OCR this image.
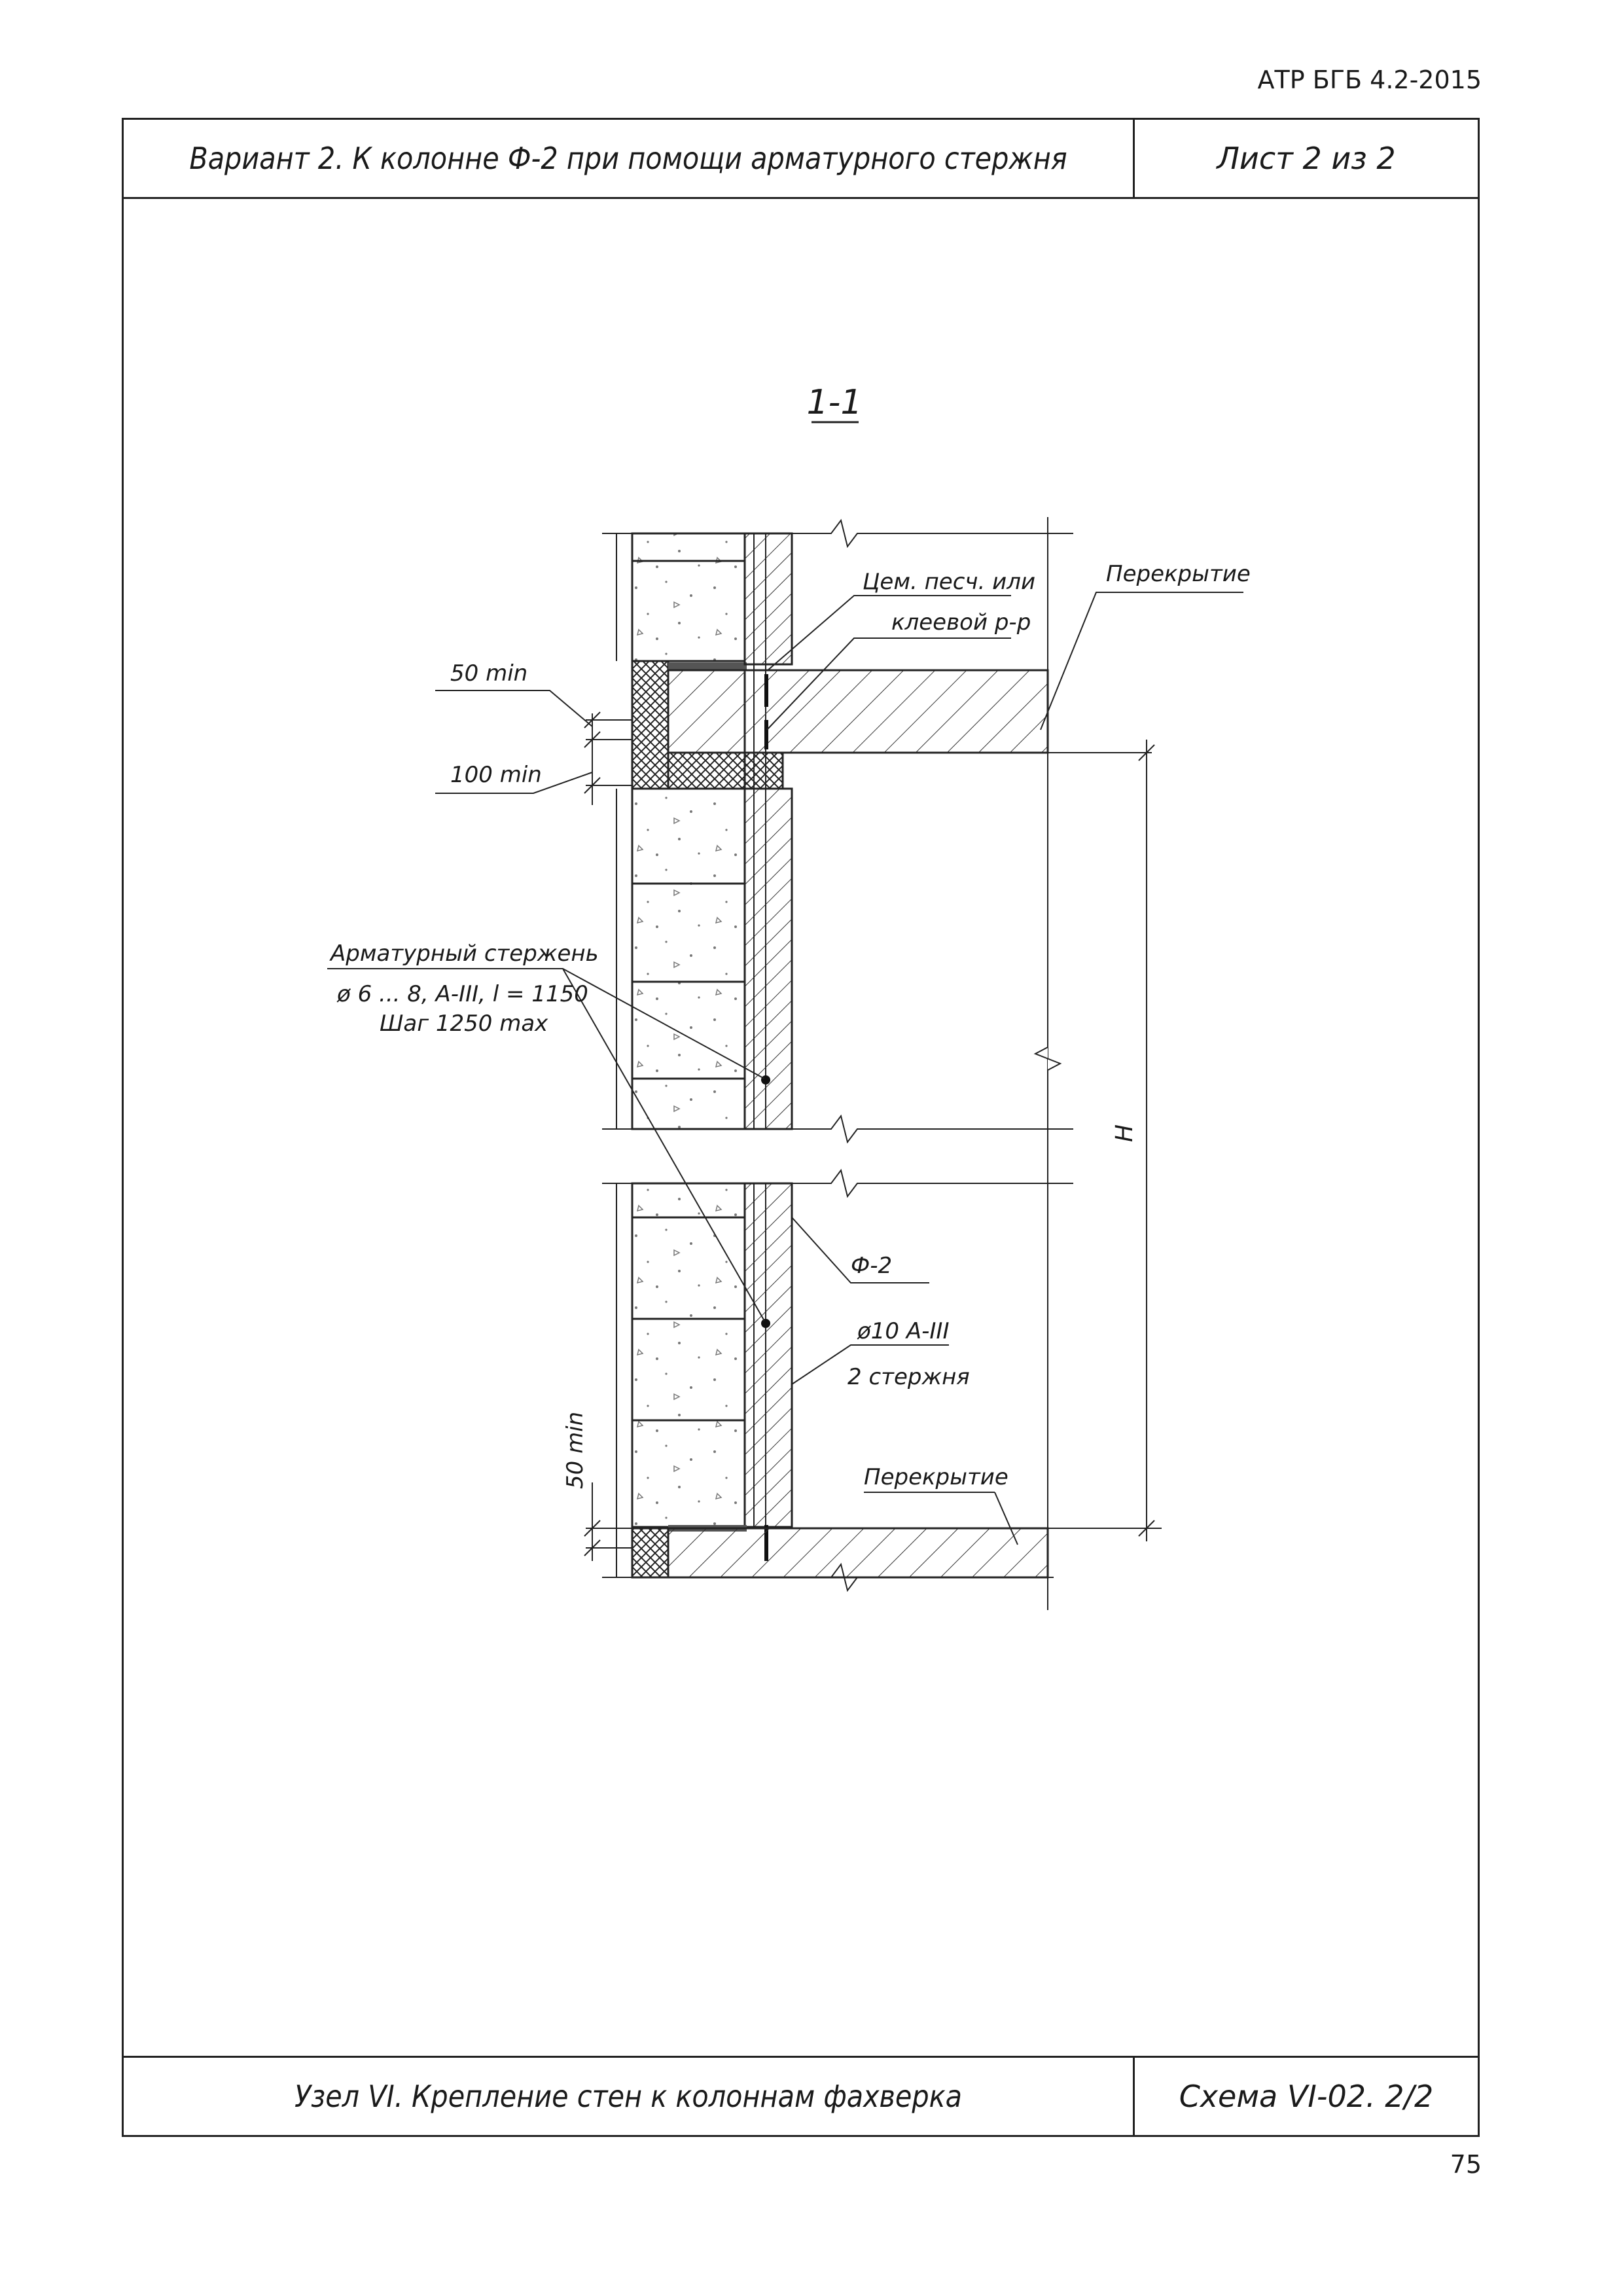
АТР БГБ 4.2-2015
Вариант 2. К колонне Ф-2 при помощи арматурного стержня	Лист 2 из 2
Узел VI. Крепление стен к колоннам фахверка	Схема VI-02. 2/2
75
1-1
H
50 min
100 min
50 min
Цем. песч. или
клеевой р-р
Перекрытие
Арматурный стержень
ø 6 ... 8, A-III, l = 1150
Шаг 1250 max
Ф-2
ø10 A-III
2 стержня
Перекрытие
